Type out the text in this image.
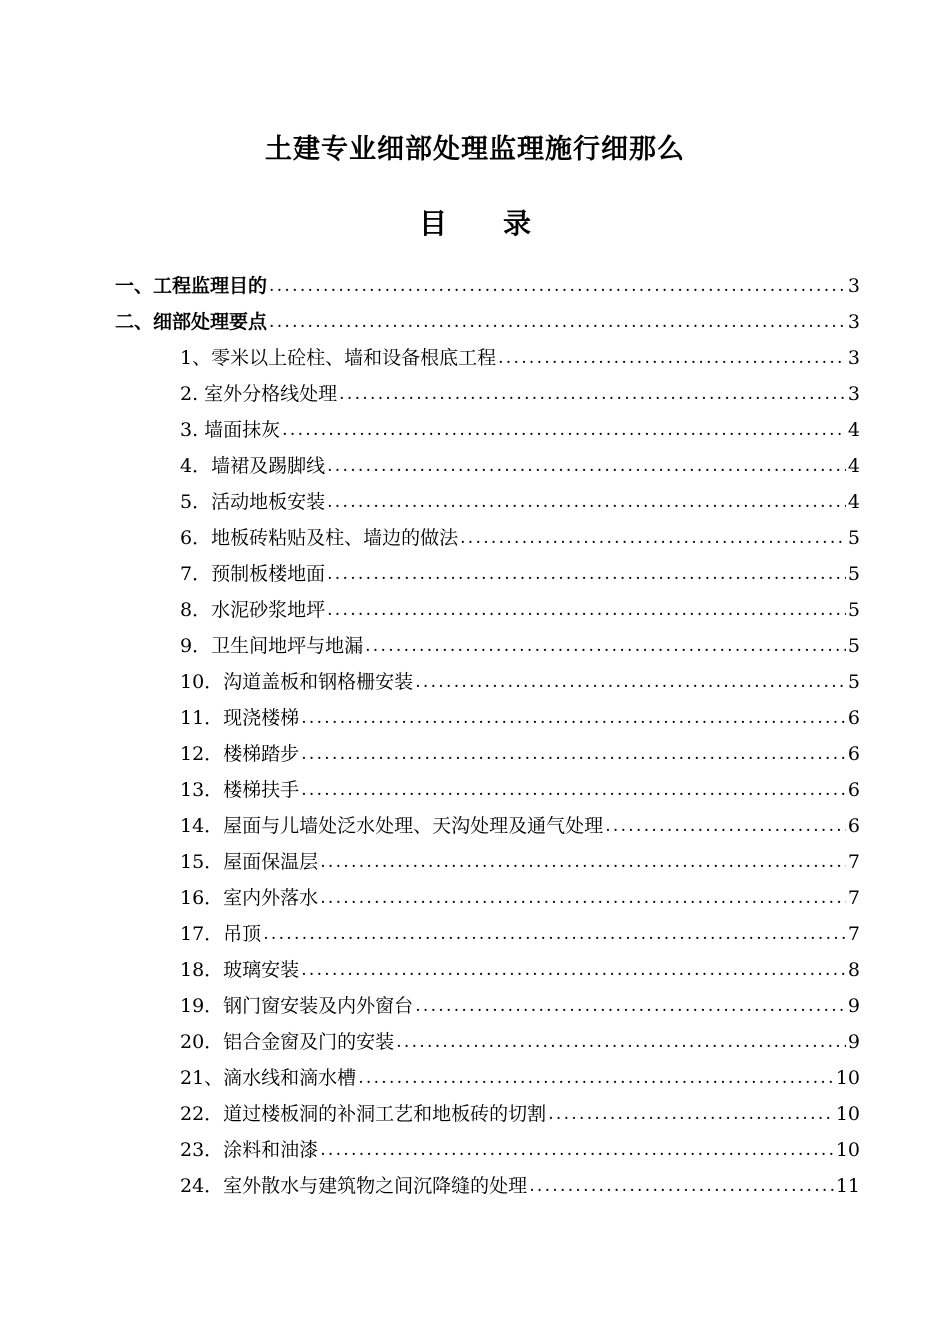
土建专业细部处理监理施行细那么
目 录
一、工程监理目的 .....	3
二、细部处理要点 .....	3
1、零米以上砼柱、墙和设备根底工程 .....	3
2. 室外分格线处理 .....	3
3. 墙面抹灰 .....	4
4．墙裙及踢脚线 .....	4
5．活动地板安装 .....	4
6．地板砖粘贴及柱、墙边的做法 .....	5
7．预制板楼地面 .....	5
8．水泥砂浆地坪 .....	5
9．卫生间地坪与地漏 .....	5
10．沟道盖板和钢格栅安装 .....	5
11．现浇楼梯 .....	6
12．楼梯踏步 .....	6
13．楼梯扶手 .....	6
14．屋面与儿墙处泛水处理、天沟处理及通气处理 .....	6
15．屋面保温层 .....	7
16．室内外落水 .....	7
17．吊顶 .....	7
18．玻璃安装 .....	8
19．钢门窗安装及内外窗台 .....	9
20．铝合金窗及门的安装 .....	9
21、滴水线和滴水槽 .....	10
22．道过楼板洞的补洞工艺和地板砖的切割 .....	10
23．涂料和油漆 .....	10
24．室外散水与建筑物之间沉降缝的处理 .....	11
